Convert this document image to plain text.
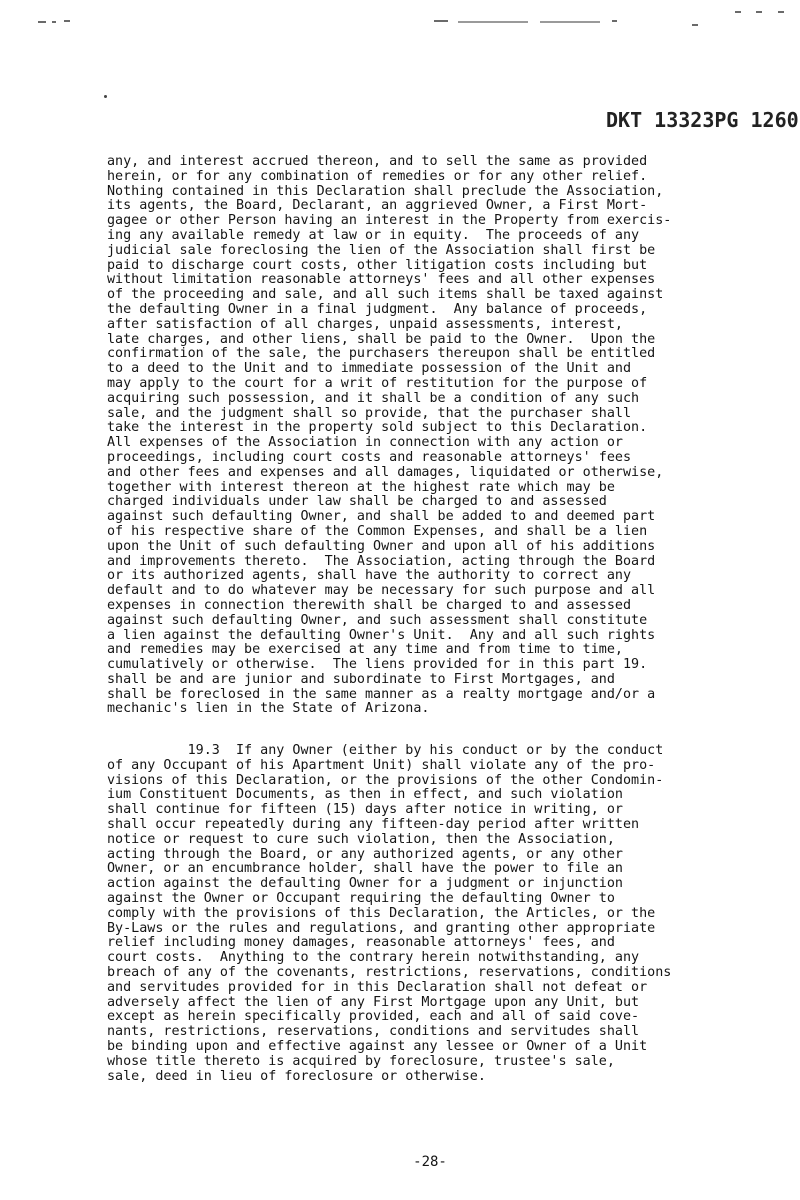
DKT 13323PG 1260
any, and interest accrued thereon, and to sell the same as provided
herein, or for any combination of remedies or for any other relief.
Nothing contained in this Declaration shall preclude the Association,
its agents, the Board, Declarant, an aggrieved Owner, a First Mort-
gagee or other Person having an interest in the Property from exercis-
ing any available remedy at law or in equity.  The proceeds of any
judicial sale foreclosing the lien of the Association shall first be
paid to discharge court costs, other litigation costs including but
without limitation reasonable attorneys' fees and all other expenses
of the proceeding and sale, and all such items shall be taxed against
the defaulting Owner in a final judgment.  Any balance of proceeds,
after satisfaction of all charges, unpaid assessments, interest,
late charges, and other liens, shall be paid to the Owner.  Upon the
confirmation of the sale, the purchasers thereupon shall be entitled
to a deed to the Unit and to immediate possession of the Unit and
may apply to the court for a writ of restitution for the purpose of
acquiring such possession, and it shall be a condition of any such
sale, and the judgment shall so provide, that the purchaser shall
take the interest in the property sold subject to this Declaration.
All expenses of the Association in connection with any action or
proceedings, including court costs and reasonable attorneys' fees
and other fees and expenses and all damages, liquidated or otherwise,
together with interest thereon at the highest rate which may be
charged individuals under law shall be charged to and assessed
against such defaulting Owner, and shall be added to and deemed part
of his respective share of the Common Expenses, and shall be a lien
upon the Unit of such defaulting Owner and upon all of his additions
and improvements thereto.  The Association, acting through the Board
or its authorized agents, shall have the authority to correct any
default and to do whatever may be necessary for such purpose and all
expenses in connection therewith shall be charged to and assessed
against such defaulting Owner, and such assessment shall constitute
a lien against the defaulting Owner's Unit.  Any and all such rights
and remedies may be exercised at any time and from time to time,
cumulatively or otherwise.  The liens provided for in this part 19.
shall be and are junior and subordinate to First Mortgages, and
shall be foreclosed in the same manner as a realty mortgage and/or a
mechanic's lien in the State of Arizona.
19.3  If any Owner (either by his conduct or by the conduct
of any Occupant of his Apartment Unit) shall violate any of the pro-
visions of this Declaration, or the provisions of the other Condomin-
ium Constituent Documents, as then in effect, and such violation
shall continue for fifteen (15) days after notice in writing, or
shall occur repeatedly during any fifteen-day period after written
notice or request to cure such violation, then the Association,
acting through the Board, or any authorized agents, or any other
Owner, or an encumbrance holder, shall have the power to file an
action against the defaulting Owner for a judgment or injunction
against the Owner or Occupant requiring the defaulting Owner to
comply with the provisions of this Declaration, the Articles, or the
By-Laws or the rules and regulations, and granting other appropriate
relief including money damages, reasonable attorneys' fees, and
court costs.  Anything to the contrary herein notwithstanding, any
breach of any of the covenants, restrictions, reservations, conditions
and servitudes provided for in this Declaration shall not defeat or
adversely affect the lien of any First Mortgage upon any Unit, but
except as herein specifically provided, each and all of said cove-
nants, restrictions, reservations, conditions and servitudes shall
be binding upon and effective against any lessee or Owner of a Unit
whose title thereto is acquired by foreclosure, trustee's sale,
sale, deed in lieu of foreclosure or otherwise.
-28-
